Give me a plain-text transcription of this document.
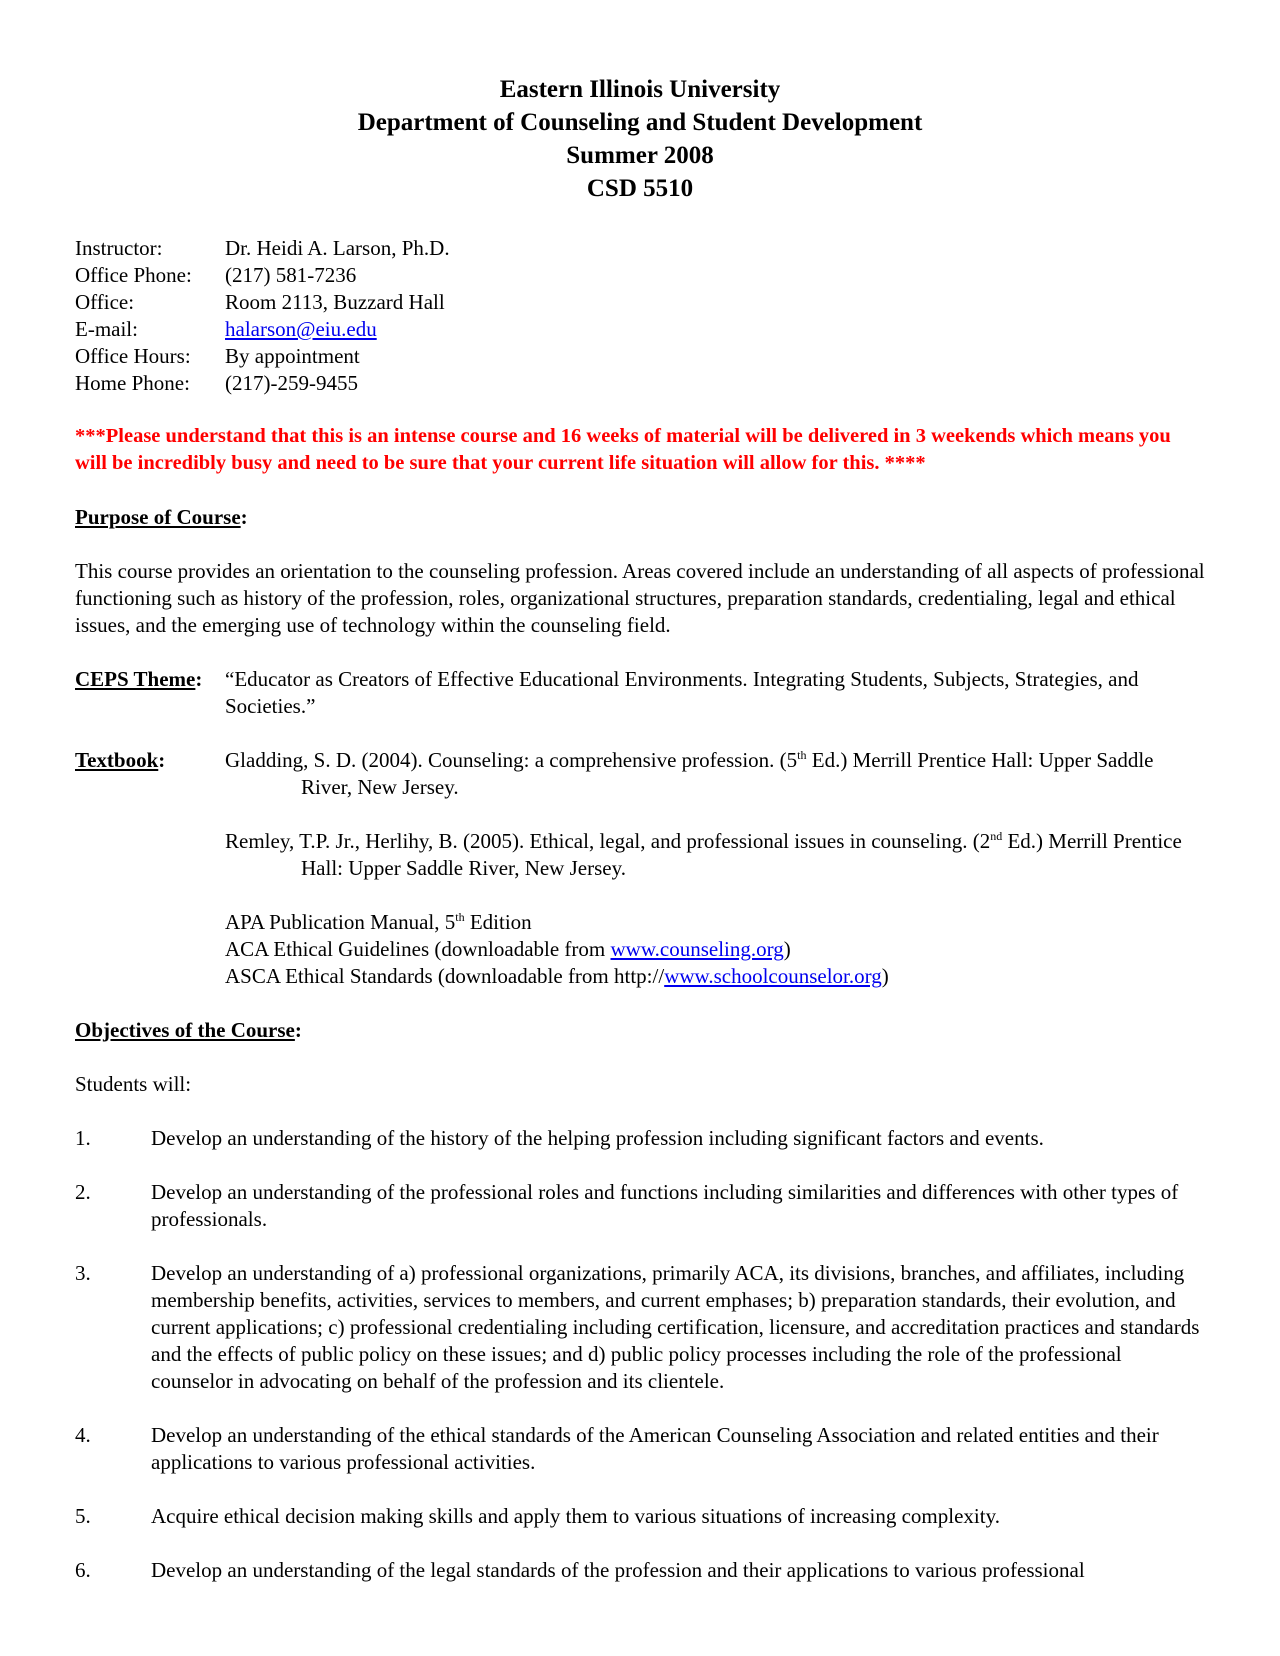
Eastern Illinois University
Department of Counseling and Student Development
Summer 2008
CSD 5510
Instructor:	Dr. Heidi A. Larson, Ph.D.
Office Phone:	(217) 581-7236
Office:	Room 2113, Buzzard Hall
E-mail:	halarson@eiu.edu
Office Hours:	By appointment
Home Phone:	(217)-259-9455
***Please understand that this is an intense course and 16 weeks of material will be delivered in 3 weekends which means you will be incredibly busy and need to be sure that your current life situation will allow for this. ****
Purpose of Course:
This course provides an orientation to the counseling profession. Areas covered include an understanding of all aspects of professional functioning such as history of the profession, roles, organizational structures, preparation standards, credentialing, legal and ethical issues, and the emerging use of technology within the counseling field.
CEPS Theme:	“Educator as Creators of Effective Educational Environments. Integrating Students, Subjects, Strategies, and Societies.”
Textbook:	Gladding, S. D. (2004). Counseling: a comprehensive profession. (5th Ed.) Merrill Prentice Hall: Upper Saddle River, New Jersey.

Remley, T.P. Jr., Herlihy, B. (2005). Ethical, legal, and professional issues in counseling. (2nd Ed.) Merrill Prentice Hall: Upper Saddle River, New Jersey.

APA Publication Manual, 5th Edition

ACA Ethical Guidelines (downloadable from www.counseling.org)

ASCA Ethical Standards (downloadable from http://www.schoolcounselor.org)

Objectives of the Course:
Students will:
1.	Develop an understanding of the history of the helping profession including significant factors and events.
2.	Develop an understanding of the professional roles and functions including similarities and differences with other types of professionals.
3.	Develop an understanding of a) professional organizations, primarily ACA, its divisions, branches, and affiliates, including membership benefits, activities, services to members, and current emphases; b) preparation standards, their evolution, and current applications; c) professional credentialing including certification, licensure, and accreditation practices and standards and the effects of public policy on these issues; and d) public policy processes including the role of the professional counselor in advocating on behalf of the profession and its clientele.
4.	Develop an understanding of the ethical standards of the American Counseling Association and related entities and their applications to various professional activities.
5.	Acquire ethical decision making skills and apply them to various situations of increasing complexity.
6.	Develop an understanding of the legal standards of the profession and their applications to various professional
